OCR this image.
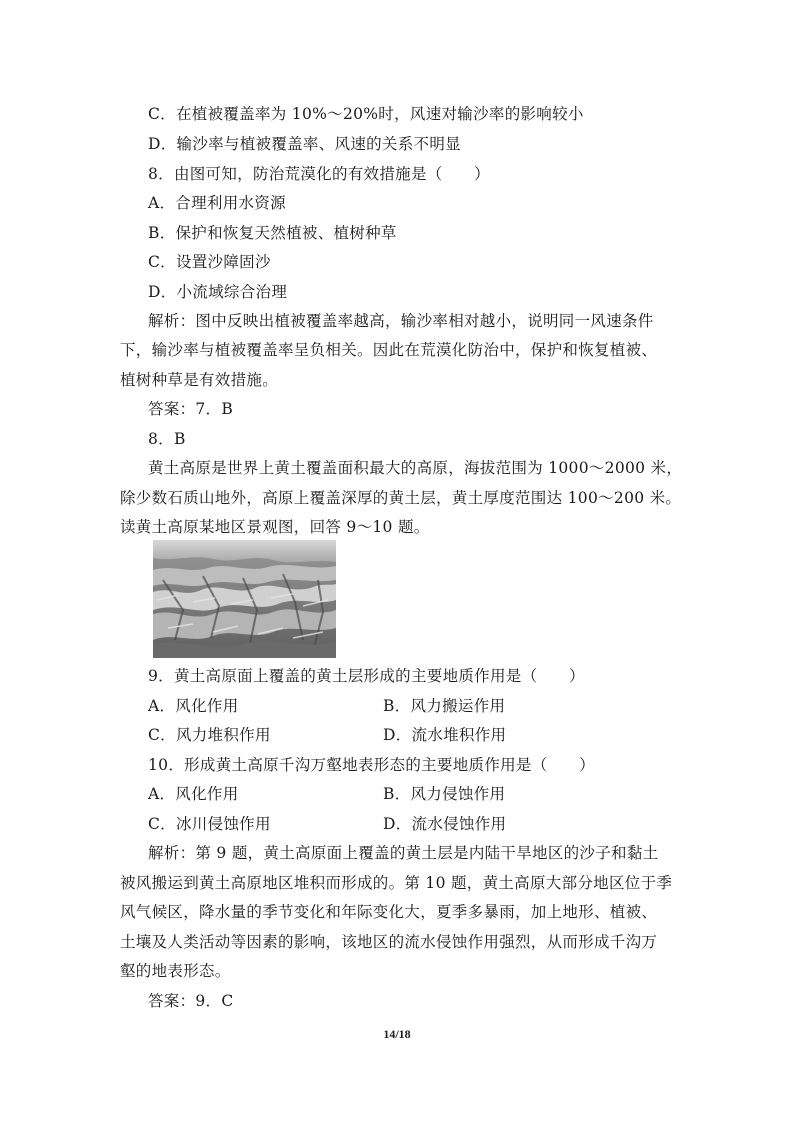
C．在植被覆盖率为 10%～20%时，风速对输沙率的影响较小
D．输沙率与植被覆盖率、风速的关系不明显
8．由图可知，防治荒漠化的有效措施是（　　）
A．合理利用水资源
B．保护和恢复天然植被、植树种草
C．设置沙障固沙
D．小流域综合治理
解析：图中反映出植被覆盖率越高，输沙率相对越小，说明同一风速条件
下，输沙率与植被覆盖率呈负相关。因此在荒漠化防治中，保护和恢复植被、
植树种草是有效措施。
答案：7．B
8．B
黄土高原是世界上黄土覆盖面积最大的高原，海拔范围为 1000～2000 米，
除少数石质山地外，高原上覆盖深厚的黄土层，黄土厚度范围达 100～200 米。
读黄土高原某地区景观图，回答 9～10 题。
9．黄土高原面上覆盖的黄土层形成的主要地质作用是（　　）
A．风化作用	B．风力搬运作用
C．风力堆积作用	D．流水堆积作用
10．形成黄土高原千沟万壑地表形态的主要地质作用是（　　）
A．风化作用	B．风力侵蚀作用
C．冰川侵蚀作用	D．流水侵蚀作用
解析：第 9 题，黄土高原面上覆盖的黄土层是内陆干旱地区的沙子和黏土
被风搬运到黄土高原地区堆积而形成的。第 10 题，黄土高原大部分地区位于季
风气候区，降水量的季节变化和年际变化大，夏季多暴雨，加上地形、植被、
土壤及人类活动等因素的影响，该地区的流水侵蚀作用强烈，从而形成千沟万
壑的地表形态。
答案：9．C
14/18
